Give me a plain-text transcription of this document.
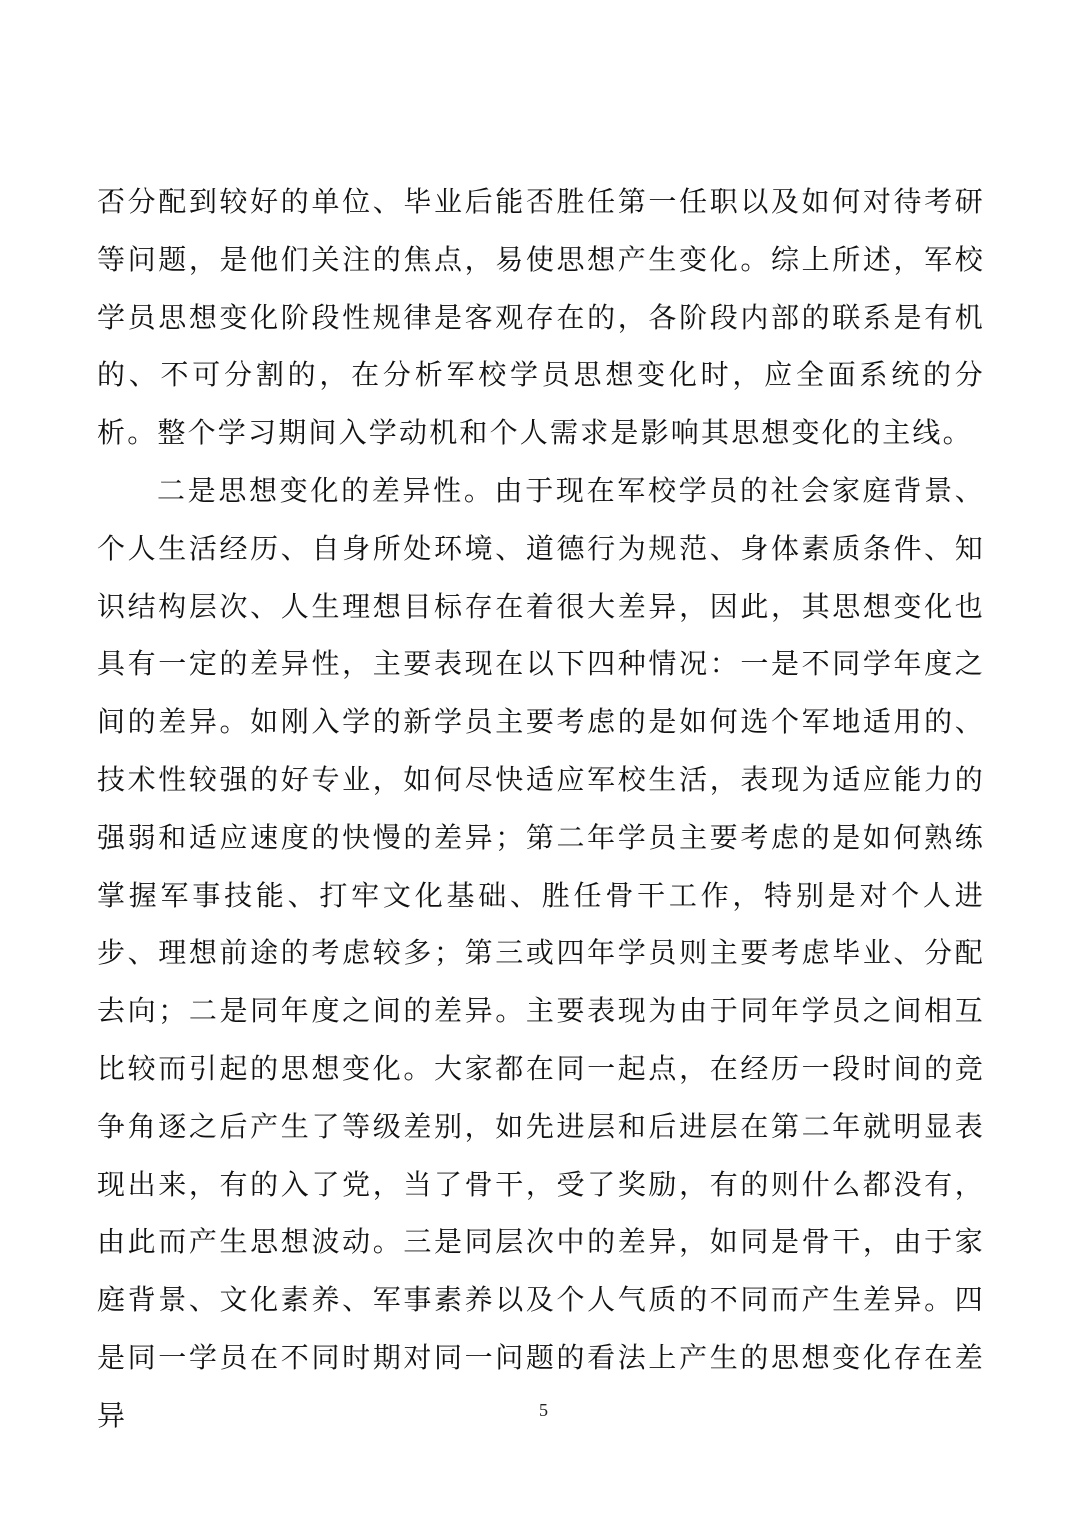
否分配到较好的单位、毕业后能否胜任第一任职以及如何对待考研等问题，是他们关注的焦点，易使思想产生变化。综上所述，军校学员思想变化阶段性规律是客观存在的，各阶段内部的联系是有机的、不可分割的，在分析军校学员思想变化时，应全面系统的分析。整个学习期间入学动机和个人需求是影响其思想变化的主线。

二是思想变化的差异性。由于现在军校学员的社会家庭背景、个人生活经历、自身所处环境、道德行为规范、身体素质条件、知识结构层次、人生理想目标存在着很大差异，因此，其思想变化也具有一定的差异性，主要表现在以下四种情况：一是不同学年度之间的差异。如刚入学的新学员主要考虑的是如何选个军地适用的、技术性较强的好专业，如何尽快适应军校生活，表现为适应能力的强弱和适应速度的快慢的差异；第二年学员主要考虑的是如何熟练掌握军事技能、打牢文化基础、胜任骨干工作，特别是对个人进步、理想前途的考虑较多；第三或四年学员则主要考虑毕业、分配去向；二是同年度之间的差异。主要表现为由于同年学员之间相互比较而引起的思想变化。大家都在同一起点，在经历一段时间的竞争角逐之后产生了等级差别，如先进层和后进层在第二年就明显表现出来，有的入了党，当了骨干，受了奖励，有的则什么都没有，由此而产生思想波动。三是同层次中的差异，如同是骨干，由于家庭背景、文化素养、军事素养以及个人气质的不同而产生差异。四是同一学员在不同时期对同一问题的看法上产生的思想变化存在差异	5
